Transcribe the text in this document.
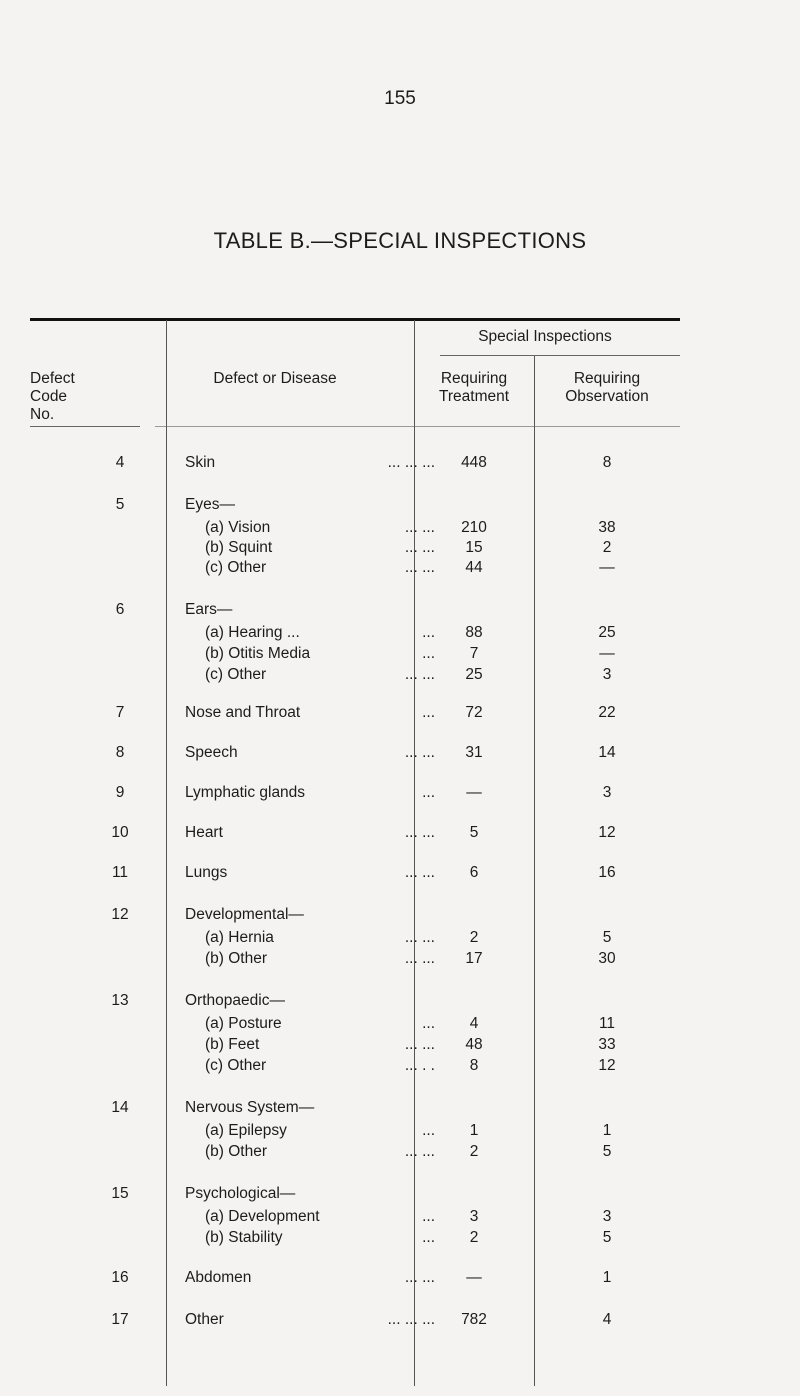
155
TABLE B.—SPECIAL INSPECTIONS
Defect
Code
No.
Defect or Disease
Special Inspections
Requiring
Treatment
Requiring
Observation
4	Skin	... ... ...	448	8
5	Eyes—
(a) Vision	... ...	210	38
(b) Squint	... ...	15	2
(c) Other	... ...	44	—
6	Ears—
(a) Hearing ...	...	88	25
(b) Otitis Media	...	7	—
(c) Other	... ...	25	3
7	Nose and Throat	...	72	22
8	Speech	... ...	31	14
9	Lymphatic glands	...	—	3
10	Heart	... ...	5	12
11	Lungs	... ...	6	16
12	Developmental—
(a) Hernia	... ...	2	5
(b) Other	... ...	17	30
13	Orthopaedic—
(a) Posture	...	4	11
(b) Feet	... ...	48	33
(c) Other	... . .	8	12
14	Nervous System—
(a) Epilepsy	...	1	1
(b) Other	... ...	2	5
15	Psychological—
(a) Development	...	3	3
(b) Stability	...	2	5
16	Abdomen	... ...	—	1
17	Other	... ... ...	782	4
